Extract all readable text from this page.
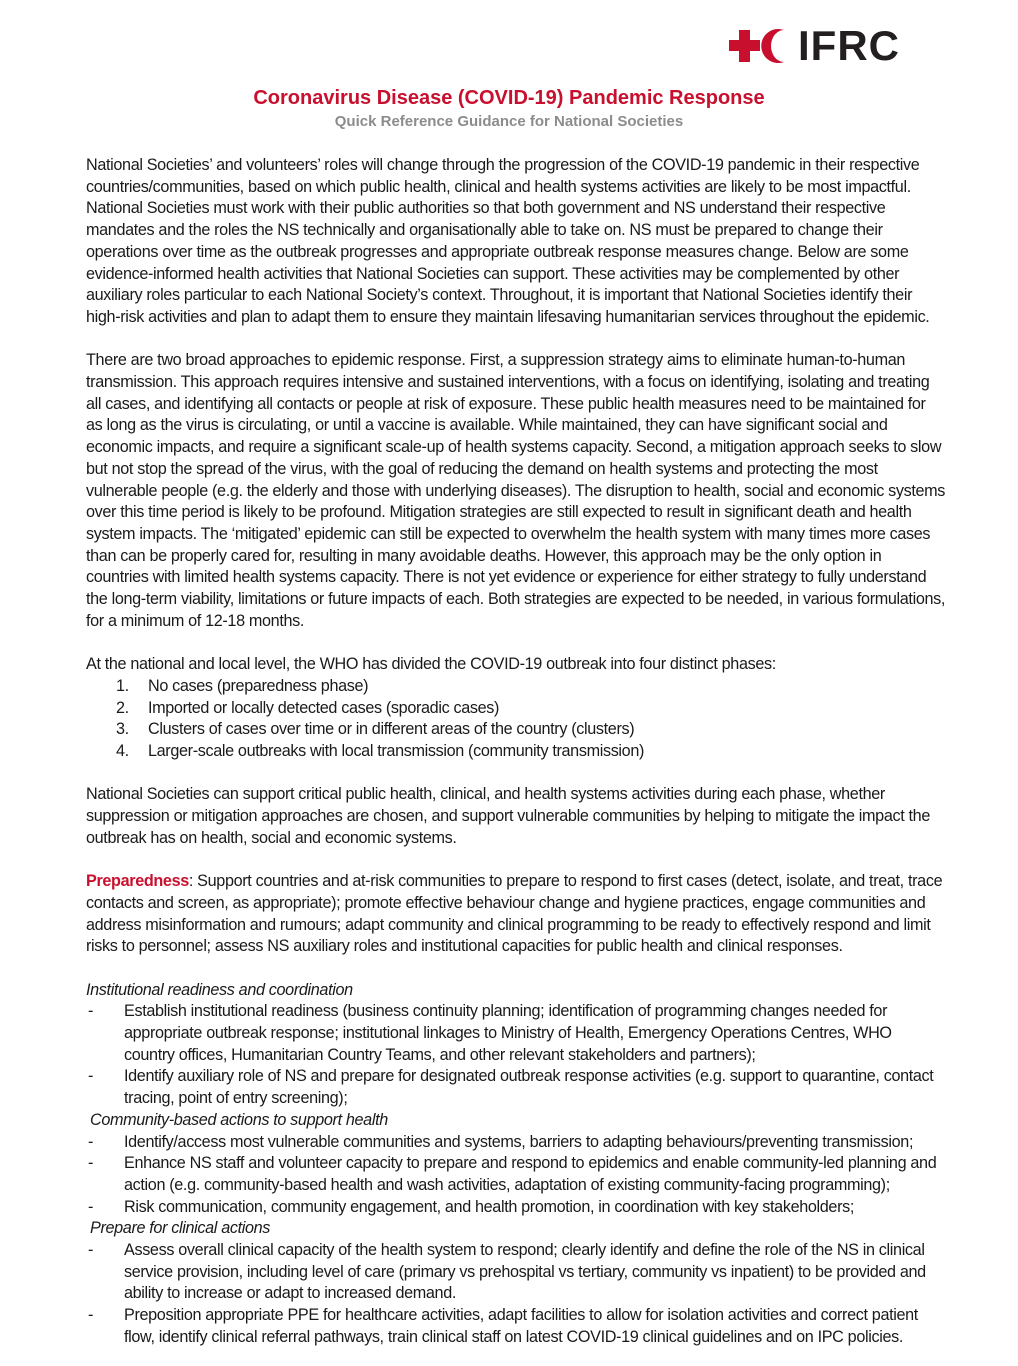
IFRC
Coronavirus Disease (COVID-19) Pandemic Response
Quick Reference Guidance for National Societies

National Societies’ and volunteers’ roles will change through the progression of the COVID-19 pandemic in their respective countries/communities, based on which public health, clinical and health systems activities are likely to be most impactful. National Societies must work with their public authorities so that both government and NS understand their respective mandates and the roles the NS technically and organisationally able to take on. NS must be prepared to change their operations over time as the outbreak progresses and appropriate outbreak response measures change. Below are some evidence-informed health activities that National Societies can support. These activities may be complemented by other auxiliary roles particular to each National Society’s context. Throughout, it is important that National Societies identify their high-risk activities and plan to adapt them to ensure they maintain lifesaving humanitarian services throughout the epidemic.

There are two broad approaches to epidemic response. First, a suppression strategy aims to eliminate human-to-human transmission. This approach requires intensive and sustained interventions, with a focus on identifying, isolating and treating all cases, and identifying all contacts or people at risk of exposure. These public health measures need to be maintained for as long as the virus is circulating, or until a vaccine is available. While maintained, they can have significant social and economic impacts, and require a significant scale-up of health systems capacity. Second, a mitigation approach seeks to slow but not stop the spread of the virus, with the goal of reducing the demand on health systems and protecting the most vulnerable people (e.g. the elderly and those with underlying diseases). The disruption to health, social and economic systems over this time period is likely to be profound. Mitigation strategies are still expected to result in significant death and health system impacts. The ‘mitigated’ epidemic can still be expected to overwhelm the health system with many times more cases than can be properly cared for, resulting in many avoidable deaths. However, this approach may be the only option in countries with limited health systems capacity. There is not yet evidence or experience for either strategy to fully understand the long-term viability, limitations or future impacts of each. Both strategies are expected to be needed, in various formulations, for a minimum of 12-18 months.

At the national and local level, the WHO has divided the COVID-19 outbreak into four distinct phases:

1.	No cases (preparedness phase)
2.	Imported or locally detected cases (sporadic cases)
3.	Clusters of cases over time or in different areas of the country (clusters)
4.	Larger-scale outbreaks with local transmission (community transmission)

National Societies can support critical public health, clinical, and health systems activities during each phase, whether suppression or mitigation approaches are chosen, and support vulnerable communities by helping to mitigate the impact the outbreak has on health, social and economic systems.

Preparedness: Support countries and at-risk communities to prepare to respond to first cases (detect, isolate, and treat, trace contacts and screen, as appropriate); promote effective behaviour change and hygiene practices, engage communities and address misinformation and rumours; adapt community and clinical programming to be ready to effectively respond and limit risks to personnel; assess NS auxiliary roles and institutional capacities for public health and clinical responses.

Institutional readiness and coordination
-	Establish institutional readiness (business continuity planning; identification of programming changes needed for appropriate outbreak response; institutional linkages to Ministry of Health, Emergency Operations Centres, WHO country offices, Humanitarian Country Teams, and other relevant stakeholders and partners);
-	Identify auxiliary role of NS and prepare for designated outbreak response activities (e.g. support to quarantine, contact tracing, point of entry screening);
Community-based actions to support health
-	Identify/access most vulnerable communities and systems, barriers to adapting behaviours/preventing transmission;
-	Enhance NS staff and volunteer capacity to prepare and respond to epidemics and enable community-led planning and action (e.g. community-based health and wash activities, adaptation of existing community-facing programming);
-	Risk communication, community engagement, and health promotion, in coordination with key stakeholders;
Prepare for clinical actions
-	Assess overall clinical capacity of the health system to respond; clearly identify and define the role of the NS in clinical service provision, including level of care (primary vs prehospital vs tertiary, community vs inpatient) to be provided and ability to increase or adapt to increased demand.
-	Preposition appropriate PPE for healthcare activities, adapt facilities to allow for isolation activities and correct patient flow, identify clinical referral pathways, train clinical staff on latest COVID-19 clinical guidelines and on IPC policies.
